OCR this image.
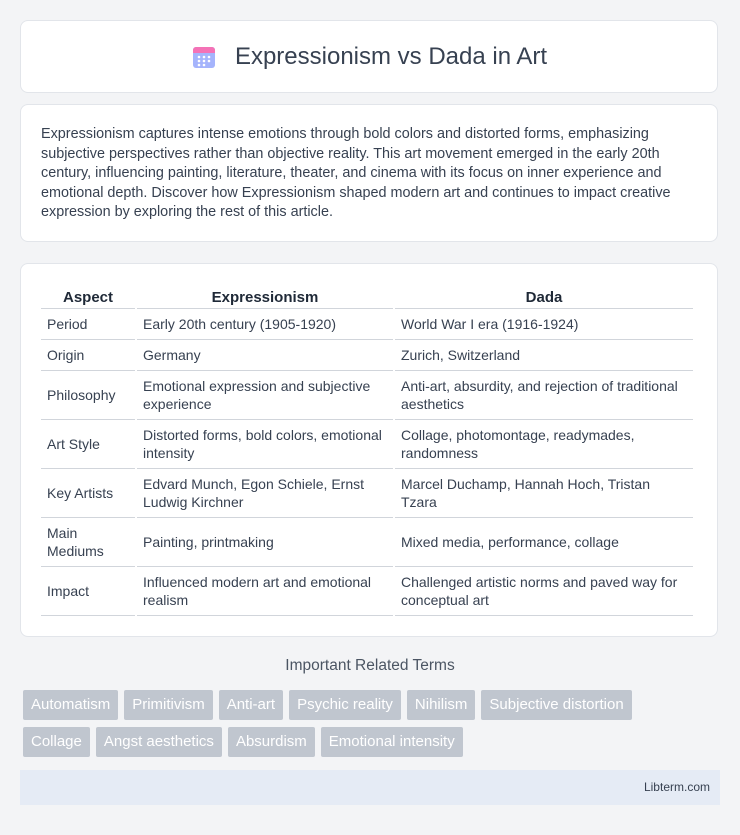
Expressionism vs Dada in Art
Expressionism captures intense emotions through bold colors and distorted forms, emphasizing subjective perspectives rather than objective reality. This art movement emerged in the early 20th century, influencing painting, literature, theater, and cinema with its focus on inner experience and emotional depth. Discover how Expressionism shaped modern art and continues to impact creative expression by exploring the rest of this article.
Aspect	Expressionism	Dada
Period	Early 20th century (1905-1920)	World War I era (1916-1924)
Origin	Germany	Zurich, Switzerland
Philosophy	Emotional expression and subjective experience	Anti-art, absurdity, and rejection of traditional aesthetics
Art Style	Distorted forms, bold colors, emotional intensity	Collage, photomontage, readymades, randomness
Key Artists	Edvard Munch, Egon Schiele, Ernst Ludwig Kirchner	Marcel Duchamp, Hannah Hoch, Tristan Tzara
Main Mediums	Painting, printmaking	Mixed media, performance, collage
Impact	Influenced modern art and emotional realism	Challenged artistic norms and paved way for conceptual art
Important Related Terms
Automatism Primitivism Anti-art Psychic reality Nihilism Subjective distortion
Collage Angst aesthetics Absurdism Emotional intensity
Libterm.com
